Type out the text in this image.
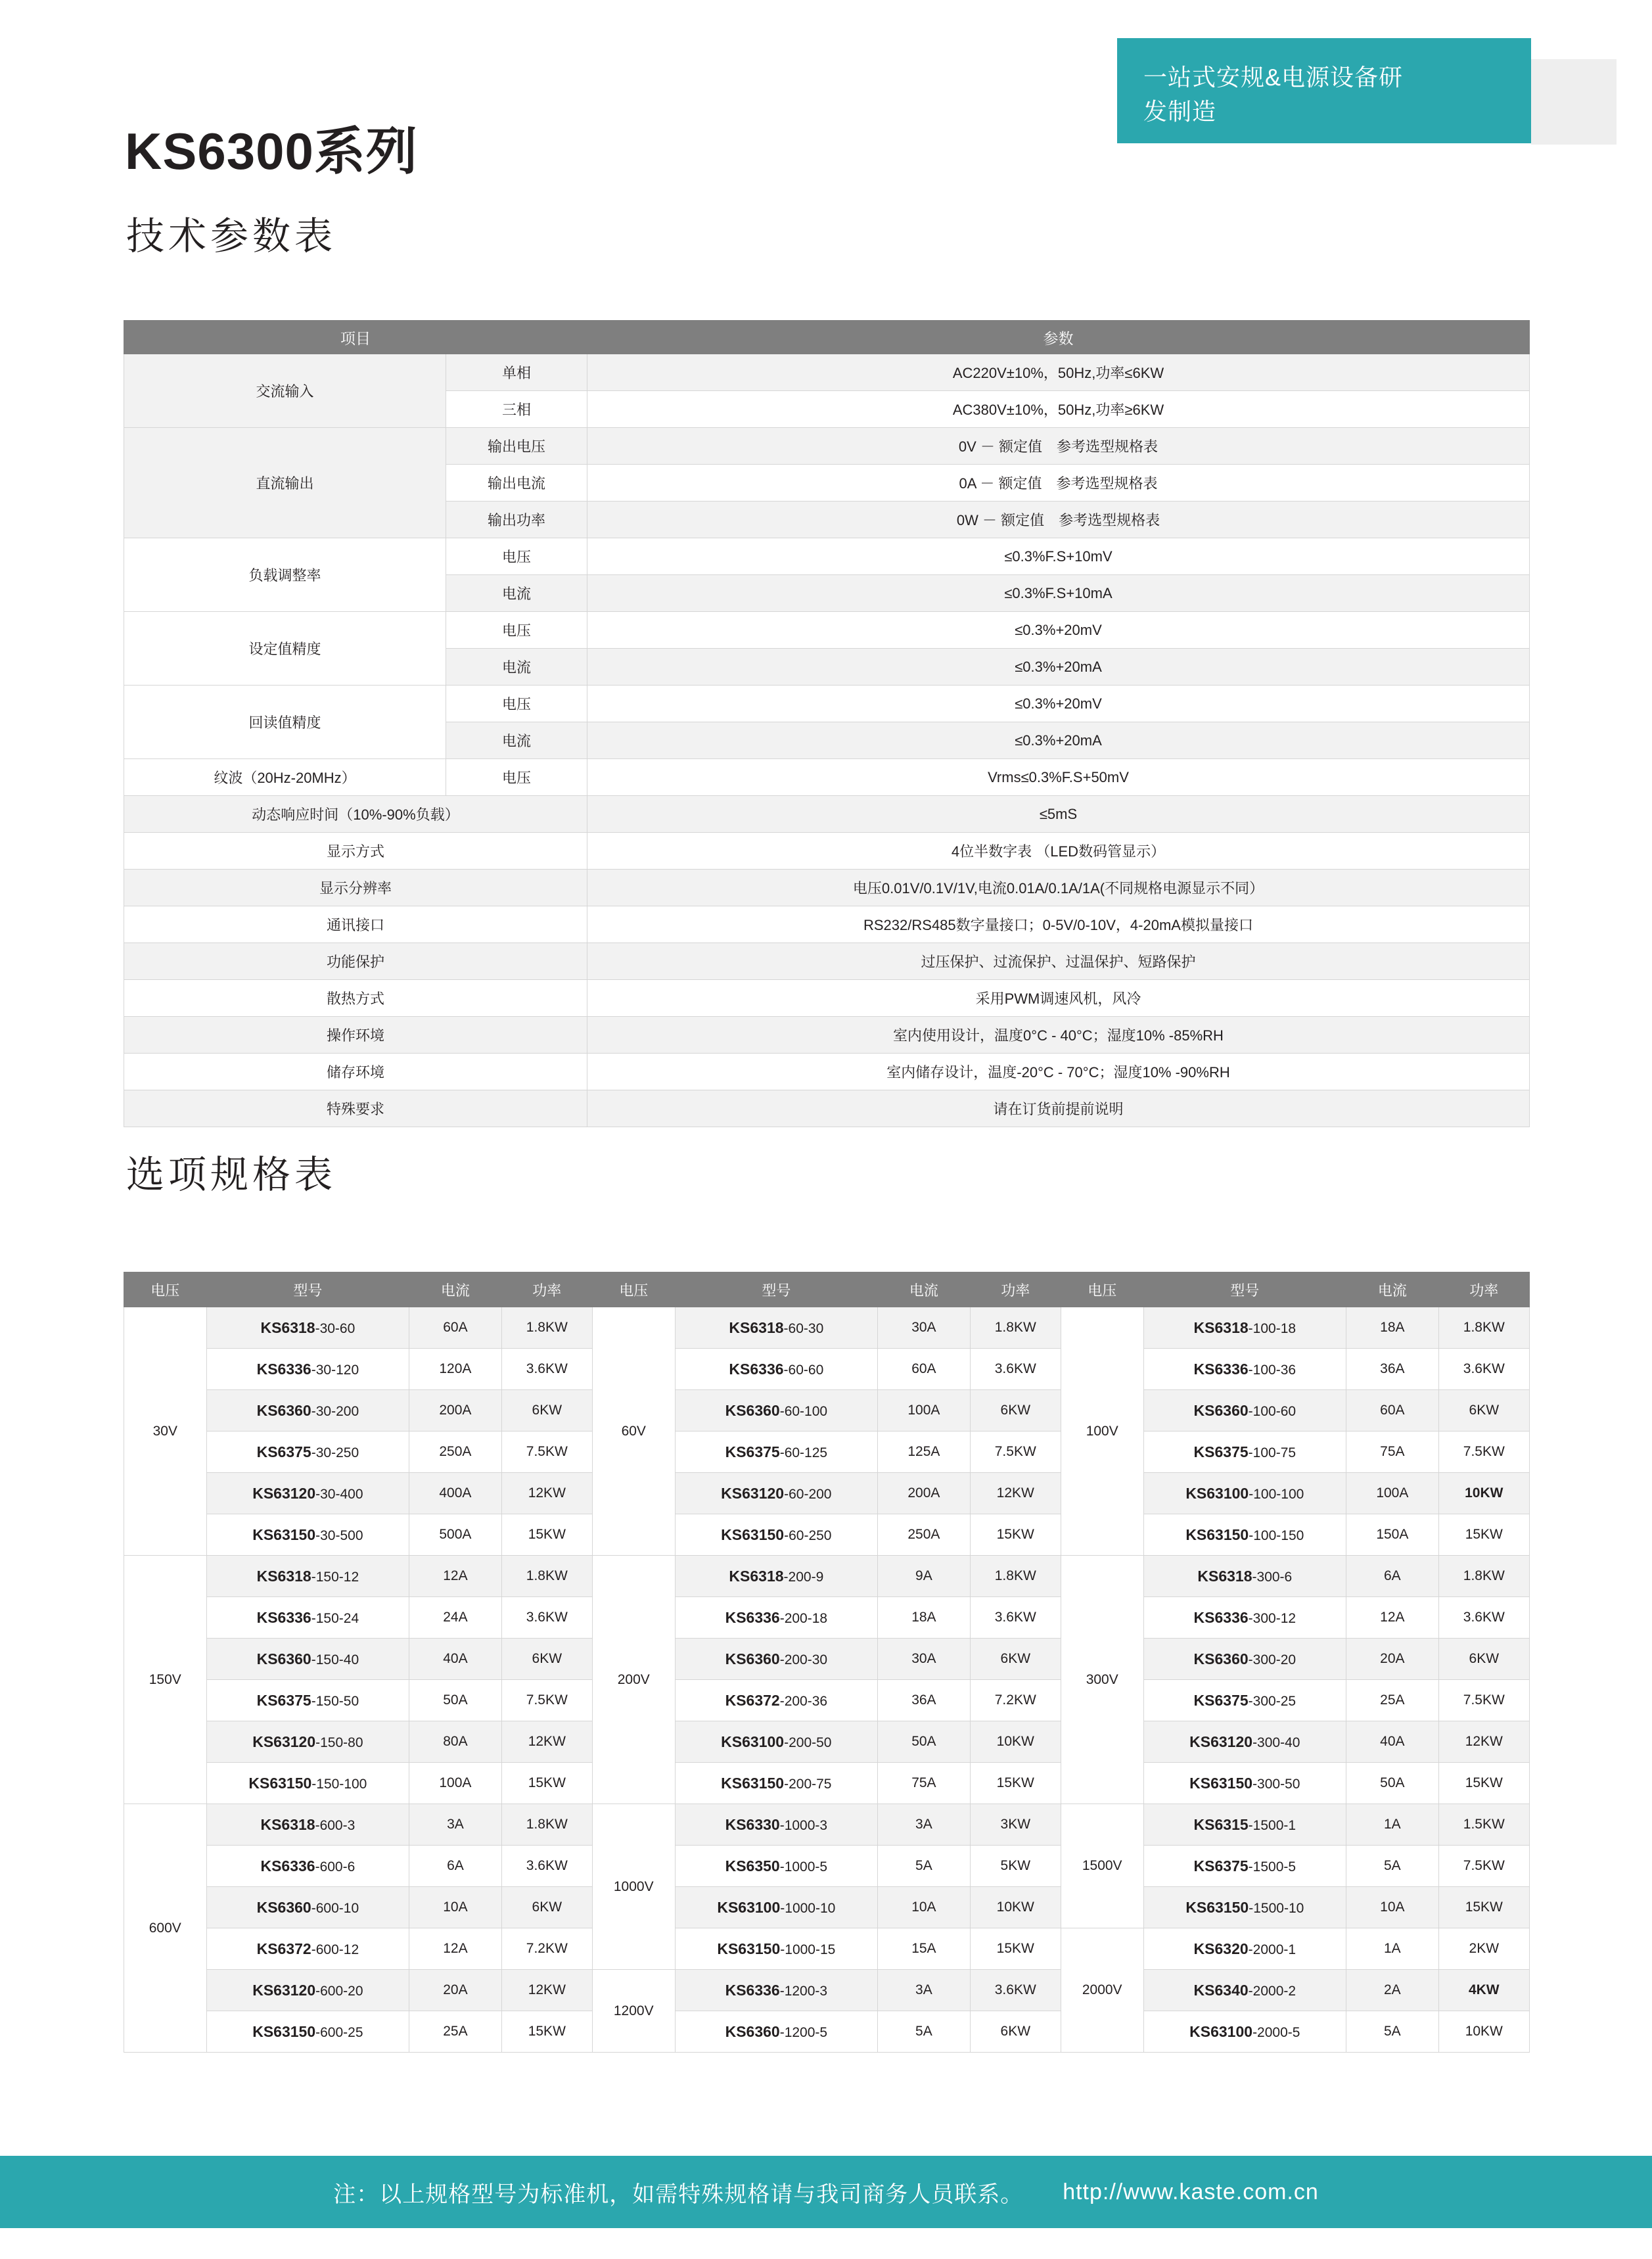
一站式安规&电源设备研
发制造
KS6300系列
技术参数表
项目		参数
交流输入	单相	AC220V±10%，50Hz,功率≤6KW
	三相	AC380V±10%，50Hz,功率≥6KW
直流输出	输出电压	0V － 额定值　参考选型规格表
	输出电流	0A － 额定值　参考选型规格表
	输出功率	0W － 额定值　参考选型规格表
负载调整率	电压	≤0.3%F.S+10mV
	电流	≤0.3%F.S+10mA
设定值精度	电压	≤0.3%+20mV
	电流	≤0.3%+20mA
回读值精度	电压	≤0.3%+20mV
	电流	≤0.3%+20mA
纹波（20Hz-20MHz）	电压	Vrms≤0.3%F.S+50mV
动态响应时间（10%-90%负载）		≤5mS
显示方式		4位半数字表 （LED数码管显示）
显示分辨率		电压0.01V/0.1V/1V,电流0.01A/0.1A/1A(不同规格电源显示不同）
通讯接口		RS232/RS485数字量接口；0-5V/0-10V，4-20mA模拟量接口
功能保护		过压保护、过流保护、过温保护、短路保护
散热方式		采用PWM调速风机，风冷
操作环境		室内使用设计，温度0°C - 40°C；湿度10% -85%RH
储存环境		室内储存设计，温度-20°C - 70°C；湿度10% -90%RH
特殊要求		请在订货前提前说明
选项规格表
电压	型号	电流	功率	电压	型号	电流	功率	电压	型号	电流	功率
30V	KS6318-30-60	60A	1.8KW	60V	KS6318-60-30	30A	1.8KW	100V	KS6318-100-18	18A	1.8KW
	KS6336-30-120	120A	3.6KW		KS6336-60-60	60A	3.6KW		KS6336-100-36	36A	3.6KW
	KS6360-30-200	200A	6KW		KS6360-60-100	100A	6KW		KS6360-100-60	60A	6KW
	KS6375-30-250	250A	7.5KW		KS6375-60-125	125A	7.5KW		KS6375-100-75	75A	7.5KW
	KS63120-30-400	400A	12KW		KS63120-60-200	200A	12KW		KS63100-100-100	100A	10KW
	KS63150-30-500	500A	15KW		KS63150-60-250	250A	15KW		KS63150-100-150	150A	15KW
150V	KS6318-150-12	12A	1.8KW	200V	KS6318-200-9	9A	1.8KW	300V	KS6318-300-6	6A	1.8KW
	KS6336-150-24	24A	3.6KW		KS6336-200-18	18A	3.6KW		KS6336-300-12	12A	3.6KW
	KS6360-150-40	40A	6KW		KS6360-200-30	30A	6KW		KS6360-300-20	20A	6KW
	KS6375-150-50	50A	7.5KW		KS6372-200-36	36A	7.2KW		KS6375-300-25	25A	7.5KW
	KS63120-150-80	80A	12KW		KS63100-200-50	50A	10KW		KS63120-300-40	40A	12KW
	KS63150-150-100	100A	15KW		KS63150-200-75	75A	15KW		KS63150-300-50	50A	15KW
600V	KS6318-600-3	3A	1.8KW	1000V	KS6330-1000-3	3A	3KW	1500V	KS6315-1500-1	1A	1.5KW
	KS6336-600-6	6A	3.6KW		KS6350-1000-5	5A	5KW		KS6375-1500-5	5A	7.5KW
	KS6360-600-10	10A	6KW		KS63100-1000-10	10A	10KW		KS63150-1500-10	10A	15KW
	KS6372-600-12	12A	7.2KW		KS63150-1000-15	15A	15KW	2000V	KS6320-2000-1	1A	2KW
	KS63120-600-20	20A	12KW	1200V	KS6336-1200-3	3A	3.6KW		KS6340-2000-2	2A	4KW
	KS63150-600-25	25A	15KW		KS6360-1200-5	5A	6KW		KS63100-2000-5	5A	10KW
注：以上规格型号为标准机，如需特殊规格请与我司商务人员联系。 http://www.kaste.com.cn
